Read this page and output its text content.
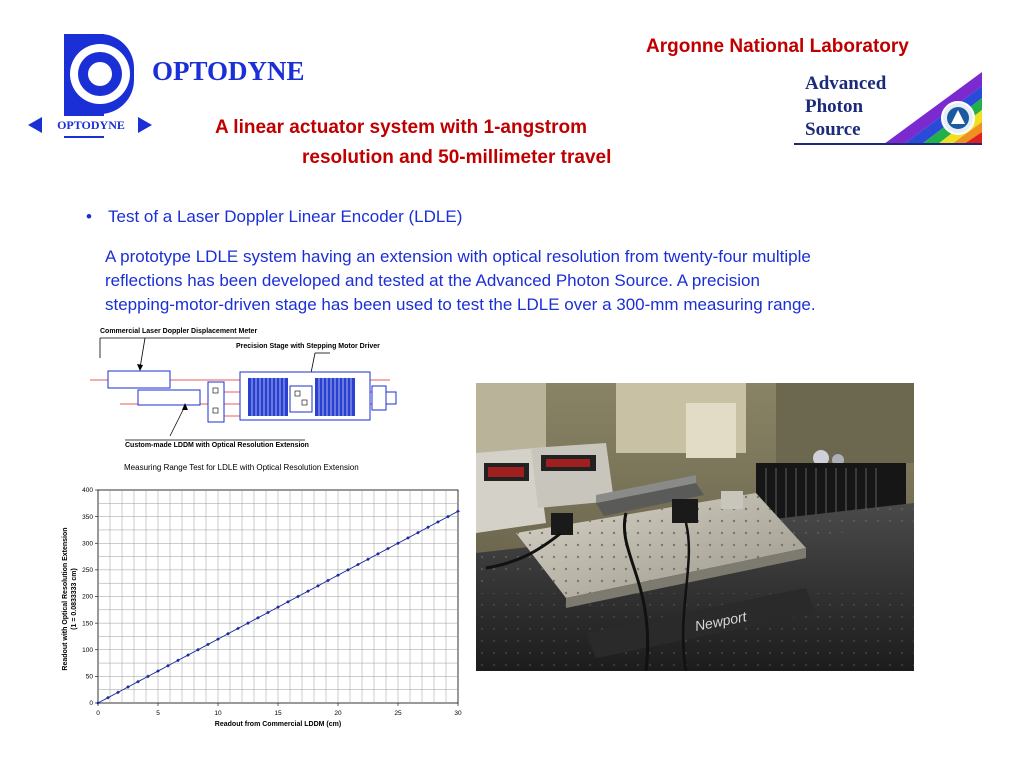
OPTODYNE
OPTODYNE
Argonne National Laboratory
Advanced
Photon
Source
A linear actuator system with 1-angstrom
resolution and 50-millimeter travel
• Test of a Laser Doppler Linear Encoder (LDLE)
A prototype LDLE system having an extension with optical resolution from twenty-four multiple
reflections has been developed and tested at the Advanced Photon Source. A precision
stepping-motor-driven stage has been used to test the LDLE over a 300-mm measuring range.
Commercial Laser Doppler Displacement Meter
Precision Stage with Stepping Motor Driver
Custom-made LDDM with Optical Resolution Extension
Measuring Range Test for LDLE with Optical Resolution Extension
Readout with Optical Resolution Extension (1 = 0.0833333 cm)
0	5	10	15	20	25	30
0
50
100
150
200
250
300
350
400
Readout from Commercial LDDM (cm)
Newport
